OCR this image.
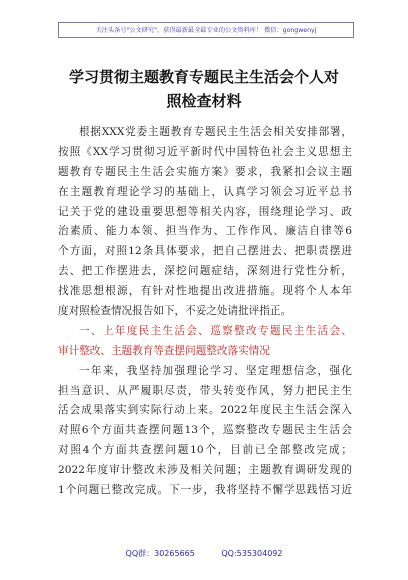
关注头条号"公文研究"，获得最新最全最专业的公文资料库！ 微信：gongwenyj
学习贯彻主题教育专题民主生活会个人对
照检查材料
根据XXX党委主题教育专题民主生活会相关安排部署，
按照《XX学习贯彻习近平新时代中国特色社会主义思想主
题教育专题民主生活会实施方案》要求，我紧扣会议主题
在主题教育理论学习的基础上，认真学习领会习近平总书
记关于党的建设重要思想等相关内容，围绕理论学习、政
治素质、能力本领、担当作为、工作作风、廉洁自律等6
个方面，对照12条具体要求，把自己摆进去、把职责摆进
去、把工作摆进去，深挖问题症结，深刻进行党性分析，
找准思想根源，有针对性地提出改进措施。现将个人本年
度对照检查情况报告如下，不妥之处请批评指正。
一、上年度民主生活会、巡察整改专题民主生活会、
审计整改、主题教育等查摆问题整改落实情况
一年来，我坚持加强理论学习、坚定理想信念，强化
担当意识、从严履职尽责，带头转变作风，努力把民主生
活会成果落实到实际行动上来。2022年度民主生活会深入
对照6个方面共查摆问题13个，巡察整改专题民主生活会
对照4个方面共查摆问题10个，目前已全部整改完成；
2022年度审计整改未涉及相关问题；主题教育调研发现的
1个问题已整改完成。下一步，我将坚持不懈学思践悟习近
QQ群：30265665	QQ:535304092
